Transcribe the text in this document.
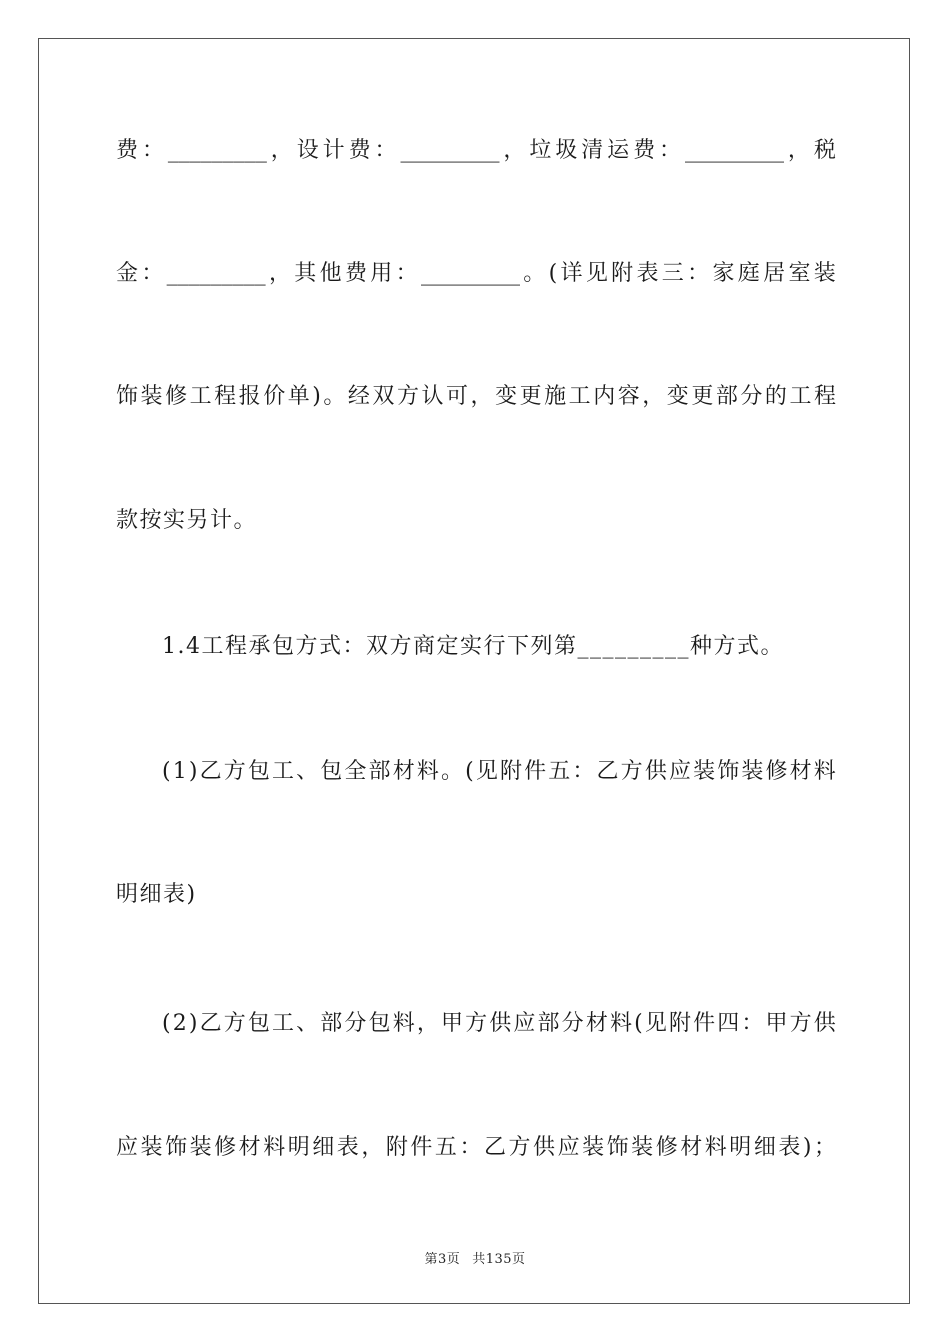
费 ： _________ ， 设 计 费 ： _________ ， 垃 圾 清 运 费 ： _________ ， 税
金 ： _________ ， 其 他 费 用 ： _________ 。 ( 详 见 附 表 三 ： 家 庭 居 室 装
饰 装 修 工 程 报 价 单 ) 。 经 双 方 认 可 ， 变 更 施 工 内 容 ， 变 更 部 分 的 工 程
款按实另计。
1.4工程承包方式：双方商定实行下列第_________种方式。
( 1 ) 乙 方 包 工 、 包 全 部 材 料 。 ( 见 附 件 五 ： 乙 方 供 应 装 饰 装 修 材 料
明细表)
( 2 ) 乙 方 包 工 、 部 分 包 料 ， 甲 方 供 应 部 分 材 料 ( 见 附 件 四 ： 甲 方 供
应 装 饰 装 修 材 料 明 细 表 ， 附 件 五 ： 乙 方 供 应 装 饰 装 修 材 料 明 细 表 ) ；
第3页 共135页
